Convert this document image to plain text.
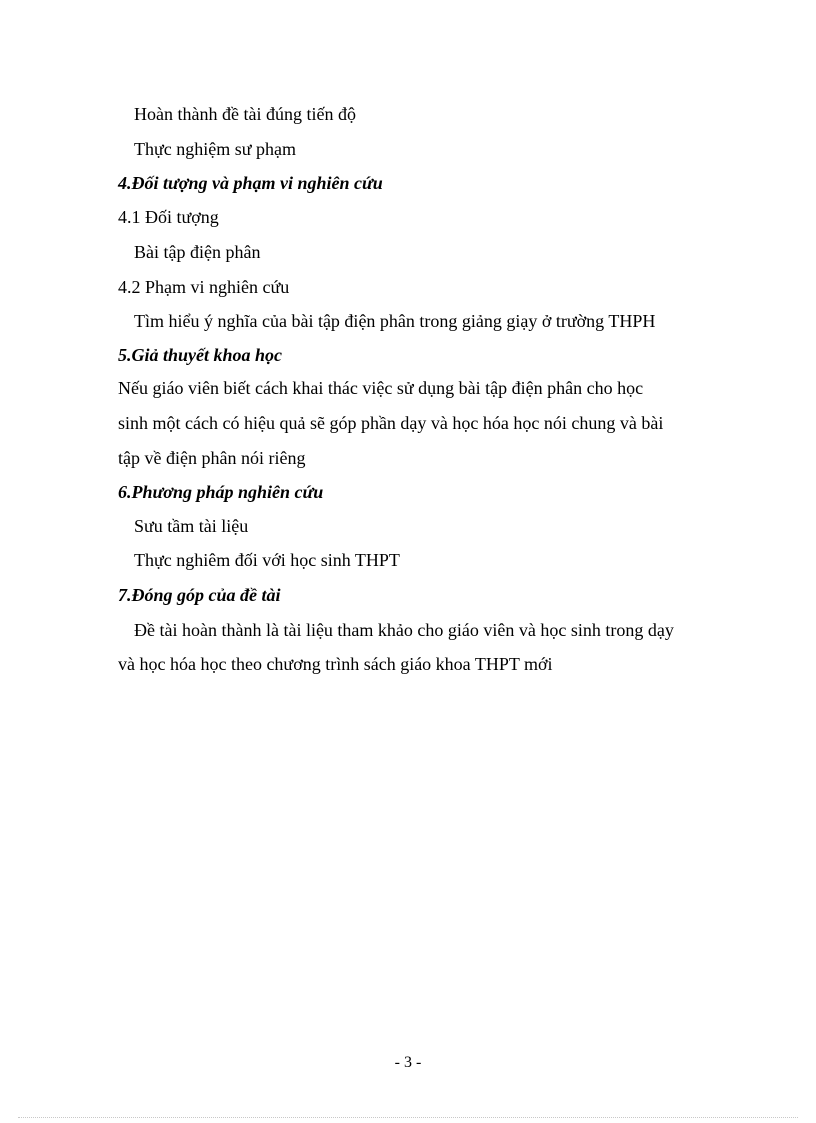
Hoàn thành đề tài đúng tiến độ
Thực nghiệm sư phạm
4.Đối tượng và phạm vi nghiên cứu
4.1 Đối tượng
Bài tập điện phân
4.2 Phạm vi nghiên cứu
Tìm hiểu ý nghĩa của bài tập điện phân trong giảng giạy ở trường THPH
5.Giả thuyết khoa học
Nếu giáo viên biết cách khai thác việc sử dụng bài tập điện phân cho học
sinh một cách có hiệu quả sẽ góp phần dạy và học hóa học nói chung và bài
tập về điện phân nói riêng
6.Phương pháp nghiên cứu
Sưu tầm tài liệu
Thực nghiêm đối với học sinh THPT
7.Đóng góp của đề tài
Đề tài hoàn thành là tài liệu tham khảo cho giáo viên và học sinh trong dạy
và học hóa học theo chương trình sách giáo khoa THPT mới
- 3 -
